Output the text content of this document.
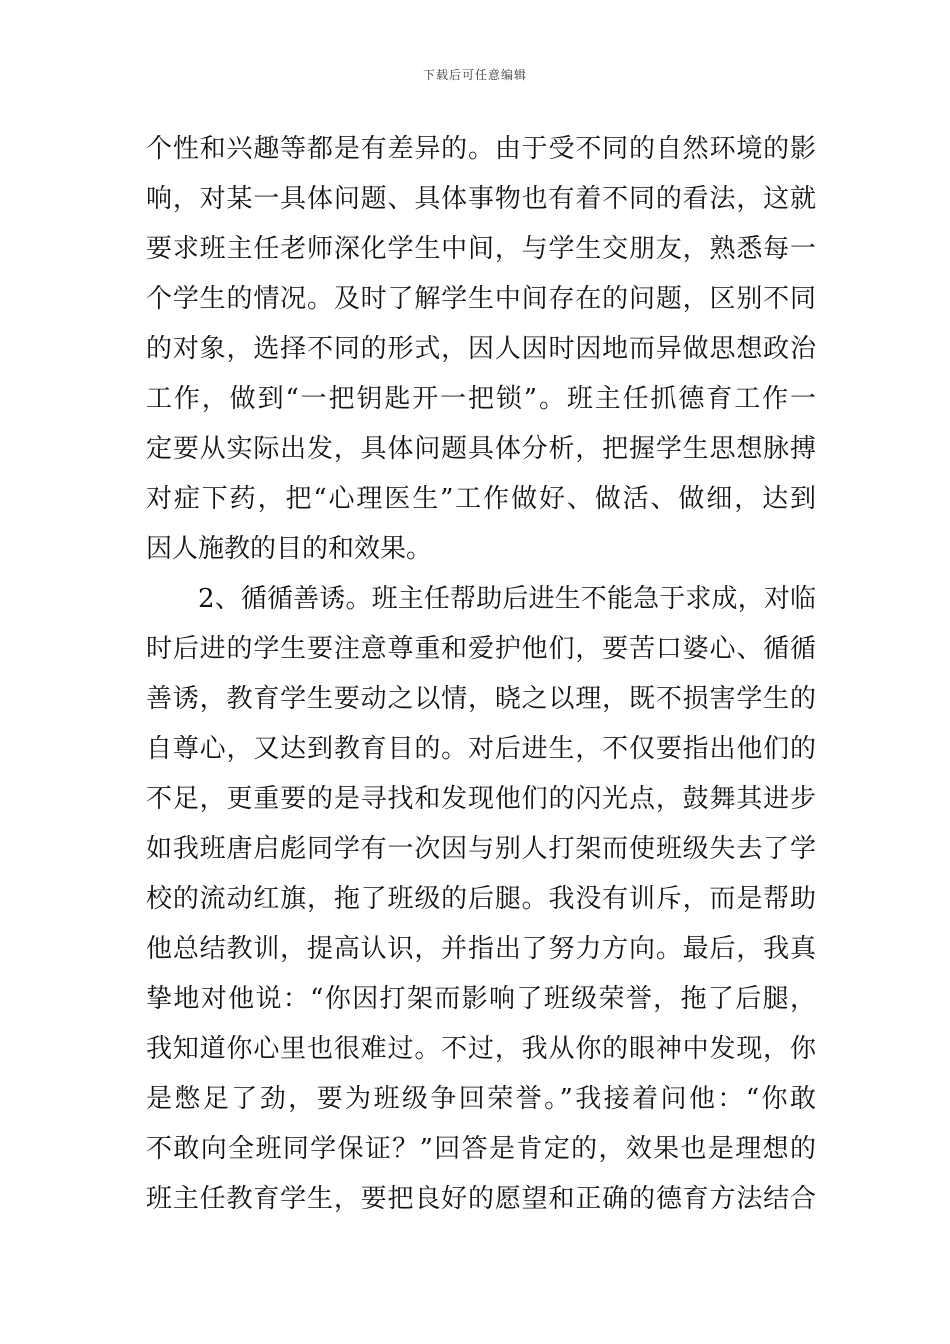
下载后可任意编辑
个性和兴趣等都是有差异的。由于受不同的自然环境的影
响，对某一具体问题、具体事物也有着不同的看法，这就
要求班主任老师深化学生中间，与学生交朋友，熟悉每一
个学生的情况。及时了解学生中间存在的问题，区别不同
的对象，选择不同的形式，因人因时因地而异做思想政治
工作，做到“一把钥匙开一把锁”。班主任抓德育工作一
定要从实际出发，具体问题具体分析，把握学生思想脉搏
对症下药，把“心理医生”工作做好、做活、做细，达到
因人施教的目的和效果。
2、循循善诱。班主任帮助后进生不能急于求成，对临
时后进的学生要注意尊重和爱护他们，要苦口婆心、循循
善诱，教育学生要动之以情，晓之以理，既不损害学生的
自尊心，又达到教育目的。对后进生，不仅要指出他们的
不足，更重要的是寻找和发现他们的闪光点，鼓舞其进步
如我班唐启彪同学有一次因与别人打架而使班级失去了学
校的流动红旗，拖了班级的后腿。我没有训斥，而是帮助
他总结教训，提高认识，并指出了努力方向。最后，我真
挚地对他说：“你因打架而影响了班级荣誉，拖了后腿，
我知道你心里也很难过。不过，我从你的眼神中发现，你
是憋足了劲，要为班级争回荣誉。”我接着问他：“你敢
不敢向全班同学保证？”回答是肯定的，效果也是理想的
班主任教育学生，要把良好的愿望和正确的德育方法结合
